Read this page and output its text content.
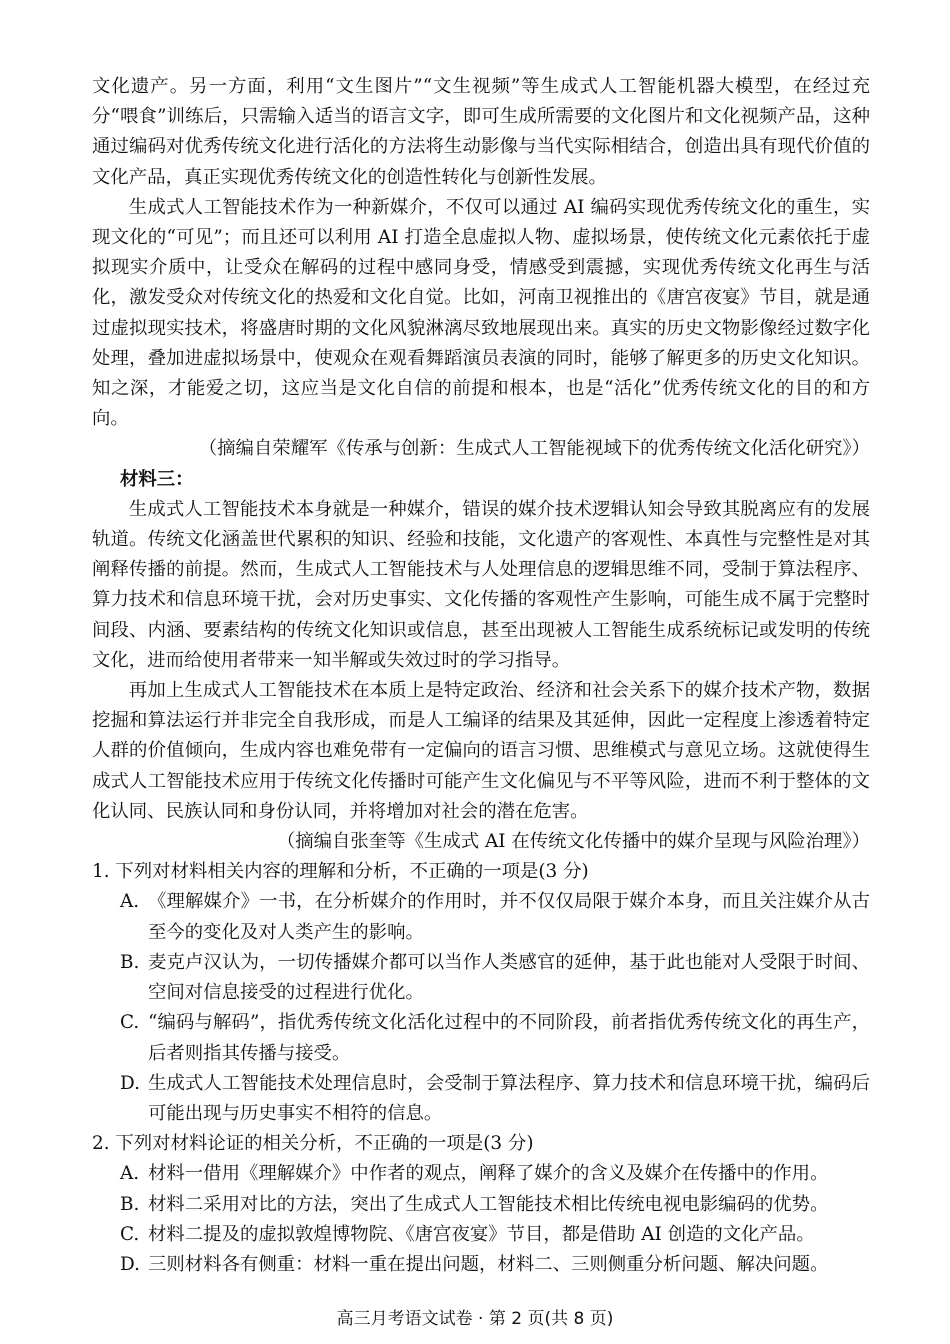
文化遗产。另一方面，利用“文生图片”“文生视频”等生成式人工智能机器大模型，在经过充分“喂食”训练后，只需输入适当的语言文字，即可生成所需要的文化图片和文化视频产品，这种通过编码对优秀传统文化进行活化的方法将生动影像与当代实际相结合，创造出具有现代价值的文化产品，真正实现优秀传统文化的创造性转化与创新性发展。

生成式人工智能技术作为一种新媒介，不仅可以通过 AI 编码实现优秀传统文化的重生，实现文化的“可见”；而且还可以利用 AI 打造全息虚拟人物、虚拟场景，使传统文化元素依托于虚拟现实介质中，让受众在解码的过程中感同身受，情感受到震撼，实现优秀传统文化再生与活化，激发受众对传统文化的热爱和文化自觉。比如，河南卫视推出的《唐宫夜宴》节目，就是通过虚拟现实技术，将盛唐时期的文化风貌淋漓尽致地展现出来。真实的历史文物影像经过数字化处理，叠加进虚拟场景中，使观众在观看舞蹈演员表演的同时，能够了解更多的历史文化知识。知之深，才能爱之切，这应当是文化自信的前提和根本，也是“活化”优秀传统文化的目的和方向。

（摘编自荣耀军《传承与创新：生成式人工智能视域下的优秀传统文化活化研究》）

材料三：

生成式人工智能技术本身就是一种媒介，错误的媒介技术逻辑认知会导致其脱离应有的发展轨道。传统文化涵盖世代累积的知识、经验和技能，文化遗产的客观性、本真性与完整性是对其阐释传播的前提。然而，生成式人工智能技术与人处理信息的逻辑思维不同，受制于算法程序、算力技术和信息环境干扰，会对历史事实、文化传播的客观性产生影响，可能生成不属于完整时间段、内涵、要素结构的传统文化知识或信息，甚至出现被人工智能生成系统标记或发明的传统文化，进而给使用者带来一知半解或失效过时的学习指导。

再加上生成式人工智能技术在本质上是特定政治、经济和社会关系下的媒介技术产物，数据挖掘和算法运行并非完全自我形成，而是人工编译的结果及其延伸，因此一定程度上渗透着特定人群的价值倾向，生成内容也难免带有一定偏向的语言习惯、思维模式与意见立场。这就使得生成式人工智能技术应用于传统文化传播时可能产生文化偏见与不平等风险，进而不利于整体的文化认同、民族认同和身份认同，并将增加对社会的潜在危害。

（摘编自张奎等《生成式 AI 在传统文化传播中的媒介呈现与风险治理》）

1. 下列对材料相关内容的理解和分析，不正确的一项是(3 分)
A. 《理解媒介》一书，在分析媒介的作用时，并不仅仅局限于媒介本身，而且关注媒介从古至今的变化及对人类产生的影响。
B. 麦克卢汉认为，一切传播媒介都可以当作人类感官的延伸，基于此也能对人受限于时间、空间对信息接受的过程进行优化。
C. “编码与解码”，指优秀传统文化活化过程中的不同阶段，前者指优秀传统文化的再生产，后者则指其传播与接受。
D. 生成式人工智能技术处理信息时，会受制于算法程序、算力技术和信息环境干扰，编码后可能出现与历史事实不相符的信息。
2. 下列对材料论证的相关分析，不正确的一项是(3 分)
A. 材料一借用《理解媒介》中作者的观点，阐释了媒介的含义及媒介在传播中的作用。
B. 材料二采用对比的方法，突出了生成式人工智能技术相比传统电视电影编码的优势。
C. 材料二提及的虚拟敦煌博物院、《唐宫夜宴》节目，都是借助 AI 创造的文化产品。
D. 三则材料各有侧重：材料一重在提出问题，材料二、三则侧重分析问题、解决问题。
高三月考语文试卷 · 第 2 页(共 8 页)
